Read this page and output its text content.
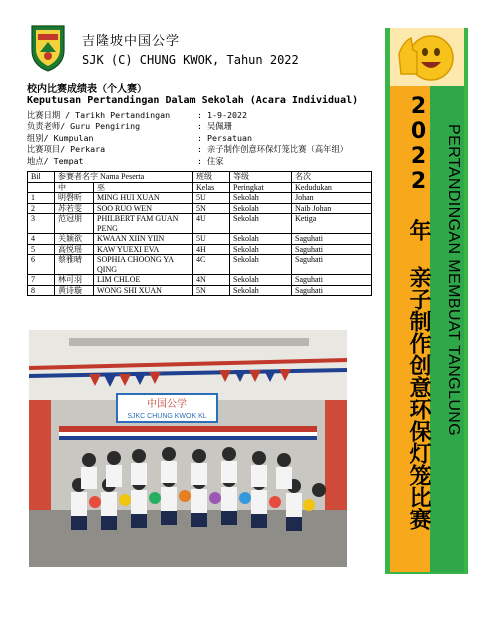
吉隆坡中国公学
SJK (C) CHUNG KWOK, Tahun 2022
校内比赛成绩表（个人赛）
Keputusan Pertandingan Dalam Sekolah (Acara Individual)
比赛日期 / Tarikh Pertandingan	: 1-9-2022
负责老师/ Guru Pengiring	: 吴佩珊
组别/ Kumpulan	: Persatuan
比赛项目/ Perkara	: 亲子制作创意环保灯笼比赛（高年组）
地点/ Tempat	: 住家
Bil	参赛者名字 Nama Peserta		班级	等级	名次
	中	巫	Kelas	Peringkat	Kedudukan
1	明磬昕	MING HUI XUAN	5U	Sekolah	Johan
2	苏若雯	SOO RUO WEN	5N	Sekolah	Naib Johan
3	范冠朋	PHILBERT FAM GUAN PENG	4U	Sekolah	Ketiga
4	关颖欲	KWAAN XIIN YIIN	5U	Sekolah	Saguhati
5	高悦瑶	KAW YUEXI EVA	4H	Sekolah	Saguhati
6	蔡雅晴	SOPHIA CHOONG YA QING	4C	Sekolah	Saguhati
7	林可羽	LIM CHLOE	4N	Sekolah	Saguhati
8	黄诗璇	WONG SHI XUAN	5N	Sekolah	Saguhati
中国公学
SJKC CHUNG KWOK KL	2022 年 亲子制作创意环保灯笼比赛 PERTANDINGAN MEMBUAT TANGLUNG
